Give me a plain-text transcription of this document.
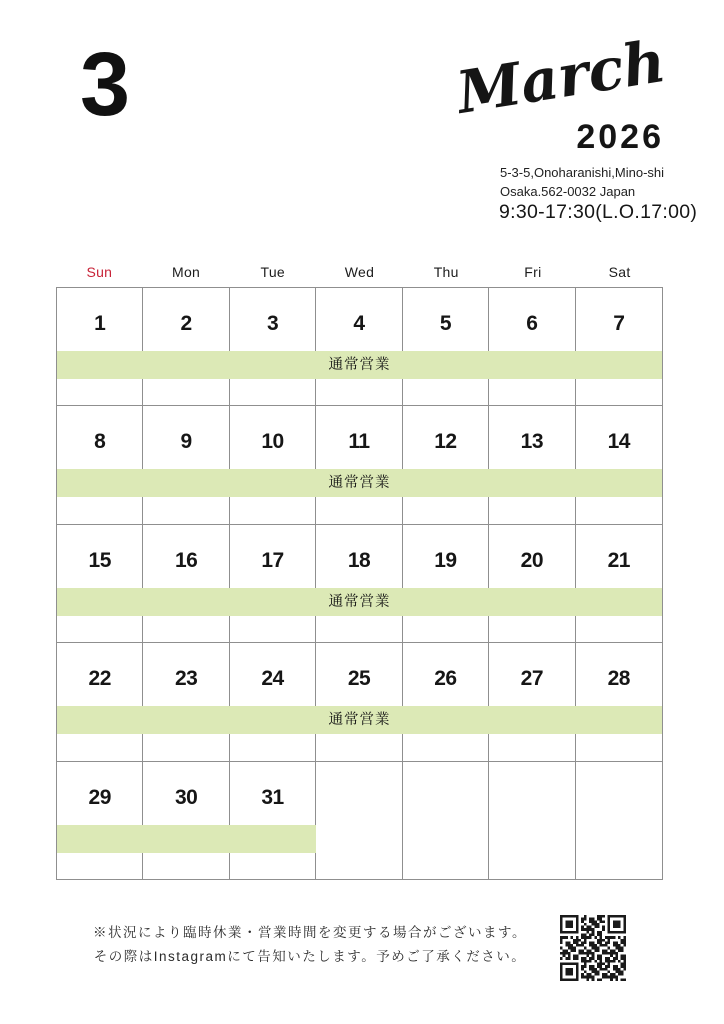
3	March
2026
5-3-5,Onoharanishi,Mino-shi
Osaka.562-0032 Japan
9:30-17:30(L.O.17:00)
Sun	Mon	Tue	Wed	Thu	Fri	Sat
1	2	3	4	5	6	7
通常営業
8	9	10	11	12	13	14
通常営業
15	16	17	18	19	20	21
通常営業
22	23	24	25	26	27	28
通常営業
29	30	31
※状況により臨時休業・営業時間を変更する場合がございます。
その際はInstagramにて告知いたします。予めご了承ください。
